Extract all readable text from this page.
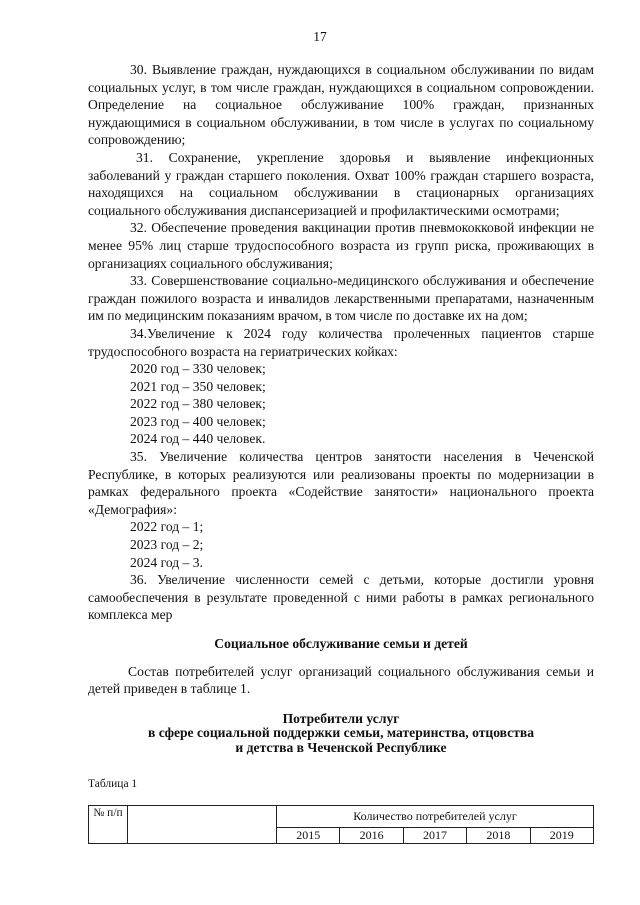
17

30. Выявление граждан, нуждающихся в социальном обслуживании по видам социальных услуг, в том числе граждан, нуждающихся в социальном сопровождении. Определение на социальное обслуживание 100% граждан, признанных нуждающимися в социальном обслуживании, в том числе в услугах по социальному сопровождению;

31. Сохранение, укрепление здоровья и выявление инфекционных заболеваний у граждан старшего поколения. Охват 100% граждан старшего возраста, находящихся на социальном обслуживании в стационарных организациях социального обслуживания диспансеризацией и профилактическими осмотрами;

32. Обеспечение проведения вакцинации против пневмококковой инфекции не менее 95% лиц старше трудоспособного возраста из групп риска, проживающих в организациях социального обслуживания;

33. Совершенствование социально-медицинского обслуживания и обеспечение граждан пожилого возраста и инвалидов лекарственными препаратами, назначенным им по медицинским показаниям врачом, в том числе по доставке их на дом;

34.Увеличение к 2024 году количества пролеченных пациентов старше трудоспособного возраста на гериатрических койках:

2020 год – 330 человек;

2021 год – 350 человек;

2022 год – 380 человек;

2023 год – 400 человек;

2024 год – 440 человек.

35. Увеличение количества центров занятости населения в Чеченской Республике, в которых реализуются или реализованы проекты по модернизации в рамках федерального проекта «Содействие занятости» национального проекта «Демография»:

2022 год – 1;

2023 год – 2;

2024 год – 3.

36. Увеличение численности семей с детьми, которые достигли уровня самообеспечения в результате проведенной с ними работы в рамках регионального комплекса мер

Социальное обслуживание семьи и детей

Состав потребителей услуг организаций социального обслуживания семьи и детей приведен в таблице 1.

Потребители услуг
в сфере социальной поддержки семьи, материнства, отцовства
и детства в Чеченской Республике
Таблица 1
№ п/п		Количество потребителей услуг				
		2015	2016	2017	2018	2019
